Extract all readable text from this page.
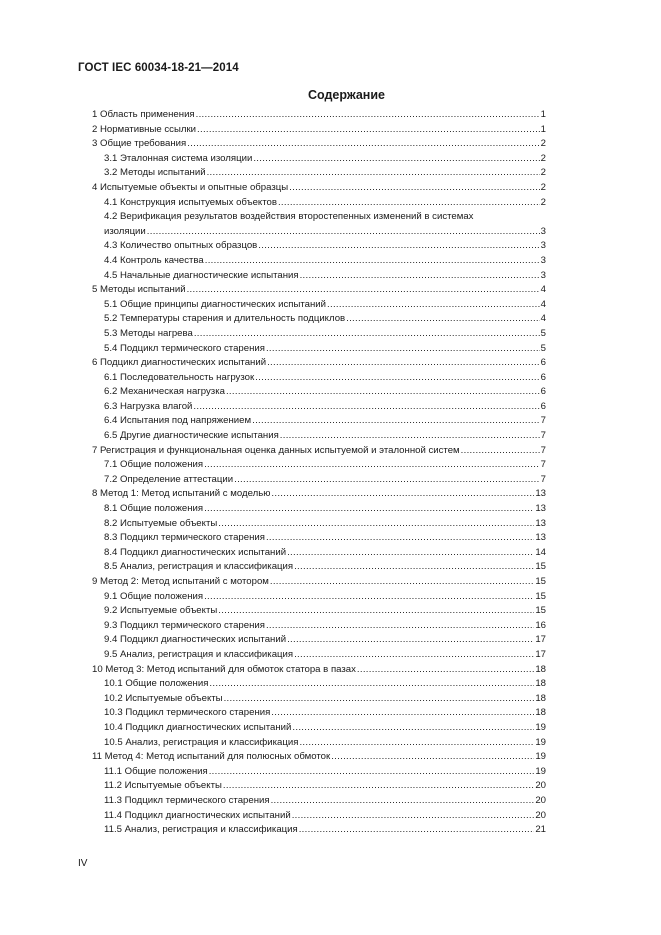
ГОСТ IEC 60034-18-21—2014
Содержание
1 Область применения .....	1
2 Нормативные ссылки .....	1
3 Общие требования .....	2
3.1 Эталонная система изоляции .....	2
3.2 Методы испытаний .....	2
4 Испытуемые объекты и опытные образцы .....	2
4.1 Конструкция испытуемых объектов .....	2
4.2 Верификация результатов воздействия второстепенных изменений в системах
изоляции .....	3
4.3 Количество опытных образцов .....	3
4.4 Контроль качества .....	3
4.5 Начальные диагностические испытания .....	3
5 Методы испытаний .....	4
5.1 Общие принципы диагностических испытаний .....	4
5.2 Температуры старения и длительность подциклов .....	4
5.3 Методы нагрева .....	5
5.4 Подцикл термического старения .....	5
6 Подцикл диагностических испытаний .....	6
6.1 Последовательность нагрузок .....	6
6.2 Механическая нагрузка .....	6
6.3 Нагрузка влагой .....	6
6.4 Испытания под напряжением .....	7
6.5 Другие диагностические испытания .....	7
7 Регистрация и функциональная оценка данных испытуемой и эталонной систем .....	7
7.1 Общие положения .....	7
7.2 Определение аттестации .....	7
8 Метод 1: Метод испытаний с моделью .....	13
8.1 Общие положения .....	13
8.2 Испытуемые объекты .....	13
8.3 Подцикл термического старения .....	13
8.4 Подцикл диагностических испытаний .....	14
8.5 Анализ, регистрация и классификация .....	15
9 Метод 2: Метод испытаний с мотором .....	15
9.1 Общие положения .....	15
9.2 Испытуемые объекты .....	15
9.3 Подцикл термического старения .....	16
9.4 Подцикл диагностических испытаний .....	17
9.5 Анализ, регистрация и классификация .....	17
10 Метод 3: Метод испытаний для обмоток статора в пазах .....	18
10.1 Общие положения .....	18
10.2 Испытуемые объекты .....	18
10.3 Подцикл термического старения .....	18
10.4 Подцикл диагностических испытаний .....	19
10.5 Анализ, регистрация и классификация .....	19
11 Метод 4: Метод испытаний для полюсных обмоток .....	19
11.1 Общие положения .....	19
11.2 Испытуемые объекты .....	20
11.3 Подцикл термического старения .....	20
11.4 Подцикл диагностических испытаний .....	20
11.5 Анализ, регистрация и классификация .....	21
IV
